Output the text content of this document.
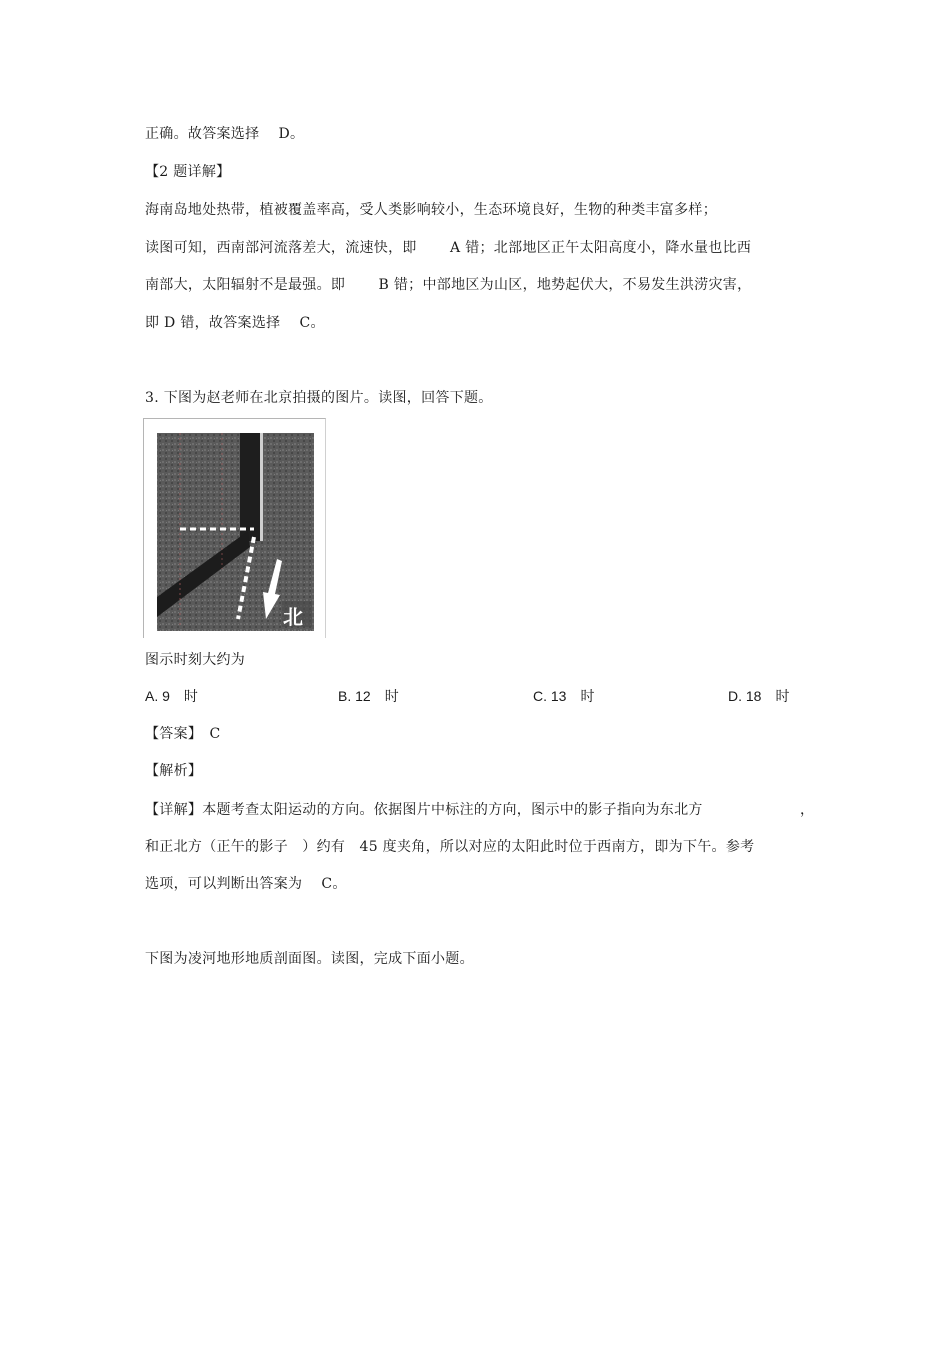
正确。故答案选择　 D。
【2 题详解】
海南岛地处热带，植被覆盖率高，受人类影响较小，生态环境良好，生物的种类丰富多样；
读图可知，西南部河流落差大，流速快，即　　 A 错；北部地区正午太阳高度小，降水量也比西
南部大，太阳辐射不是最强。即　　 B 错；中部地区为山区，地势起伏大，不易发生洪涝灾害，
即 D 错，故答案选择　 C。
3. 下图为赵老师在北京拍摄的图片。读图，回答下题。
北
图示时刻大约为
A. 9　时	B. 12　时	C. 13　时	D. 18　时
【答案】　C
【解析】
【详解】本题考查太阳运动的方向。依据图片中标注的方向，图示中的影子指向为东北方	，
和正北方（正午的影子　）约有　45 度夹角，所以对应的太阳此时位于西南方，即为下午。参考
选项，可以判断出答案为　 C。
下图为凌河地形地质剖面图。读图，完成下面小题。
